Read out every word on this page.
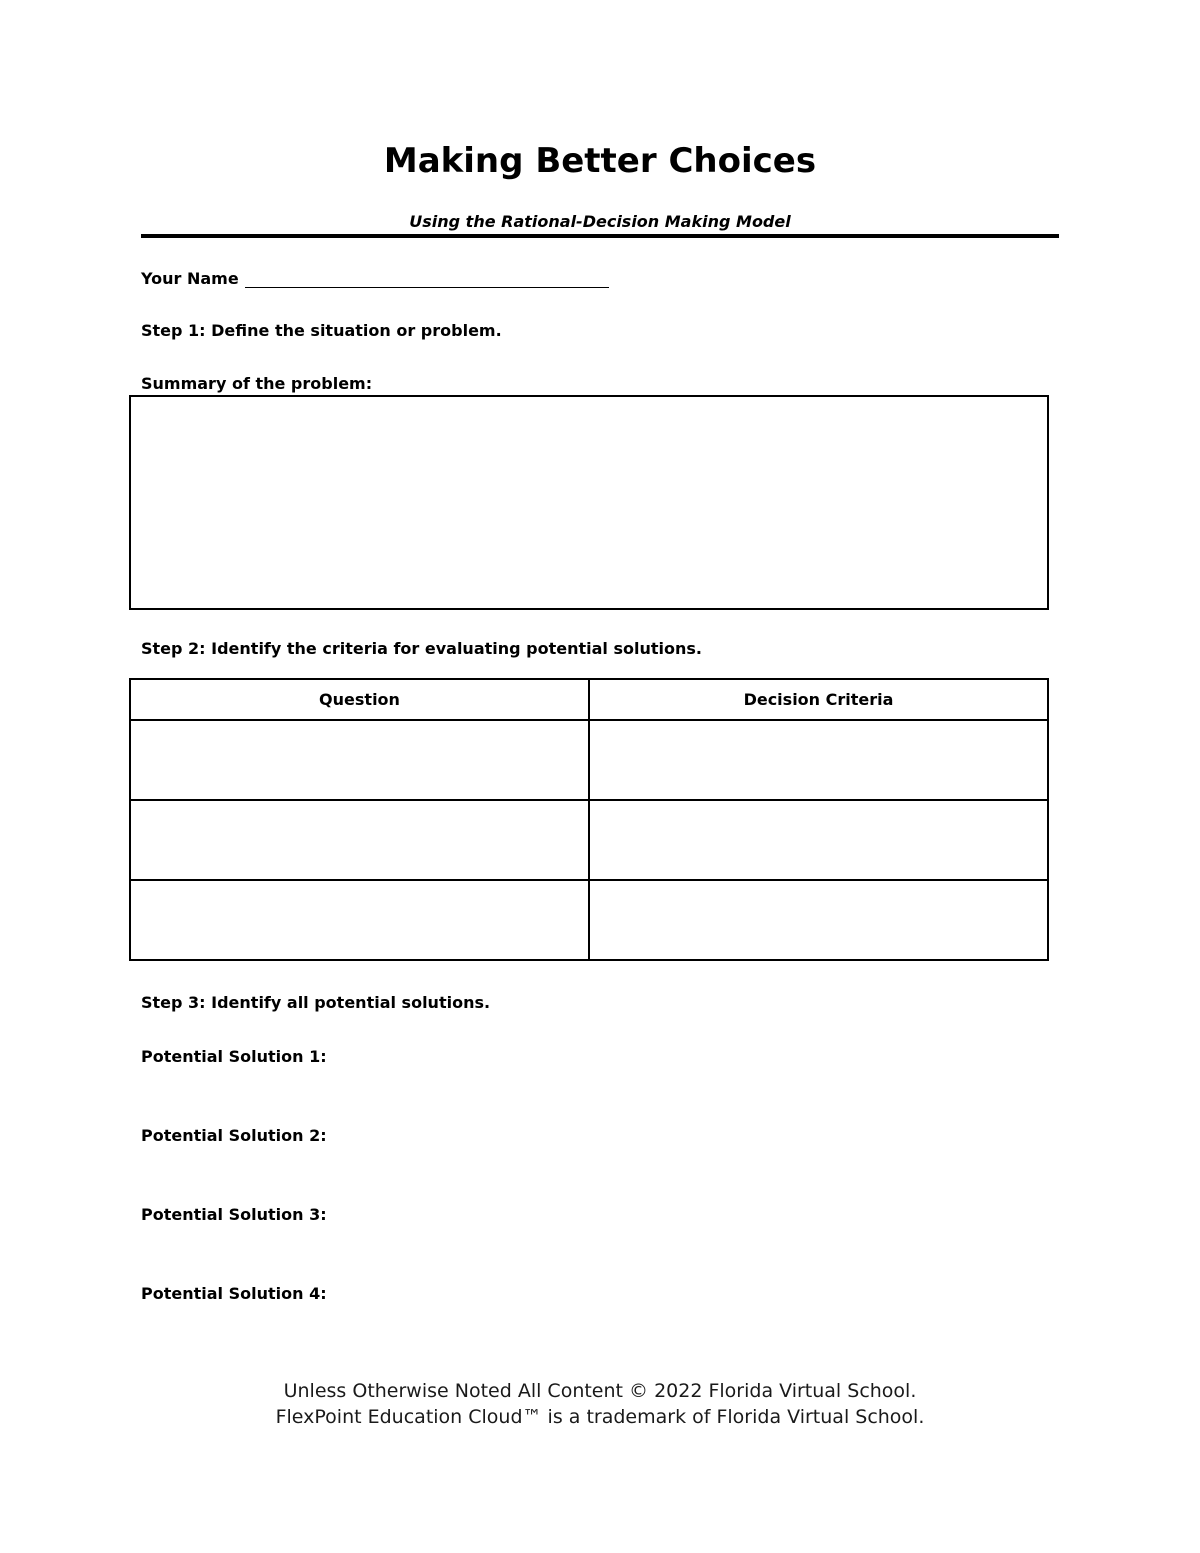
Making Better Choices
Using the Rational-Decision Making Model
Your Name
Step 1: Define the situation or problem.
Summary of the problem:
Step 2: Identify the criteria for evaluating potential solutions.
Question	Decision Criteria

Step 3: Identify all potential solutions.
Potential Solution 1:
Potential Solution 2:
Potential Solution 3:
Potential Solution 4:
Unless Otherwise Noted All Content © 2022 Florida Virtual School.
FlexPoint Education Cloud™ is a trademark of Florida Virtual School.
